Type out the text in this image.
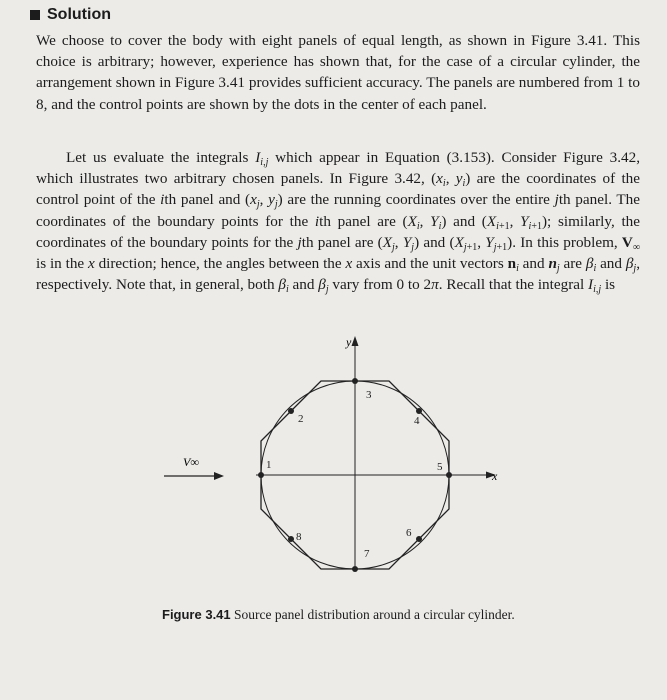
Solution
We choose to cover the body with eight panels of equal length, as shown in Figure 3.41. This choice is arbitrary; however, experience has shown that, for the case of a circular cylinder, the arrangement shown in Figure 3.41 provides sufficient accuracy. The panels are numbered from 1 to 8, and the control points are shown by the dots in the center of each panel.
Let us evaluate the integrals $I_{i,j}$ which appear in Equation (3.153). Consider Figure 3.42, which illustrates two arbitrary chosen panels. In Figure 3.42, ($x_i$, $y_i$) are the coordinates of the control point of the ith panel and ($x_j$, $y_j$) are the running coordinates over the entire jth panel. The coordinates of the boundary points for the ith panel are ($X_i$, $Y_i$) and ($X_{i+1}$, $Y_{i+1}$); similarly, the coordinates of the boundary points for the jth panel are ($X_j$, $Y_j$) and ($X_{j+1}$, $Y_{j+1}$). In this problem, $V_\infty$ is in the x direction; hence, the angles between the x axis and the unit vectors $n_i$ and $n_j$ are $\beta_i$ and $\beta_j$, respectively. Note that, in general, both $\beta_i$ and $\beta_j$ vary from 0 to 2π. Recall that the integral $I_{i,j}$ is
y
x
V∞	1
2
3
4
5
6
7
8
Figure 3.41 Source panel distribution around a circular cylinder.
